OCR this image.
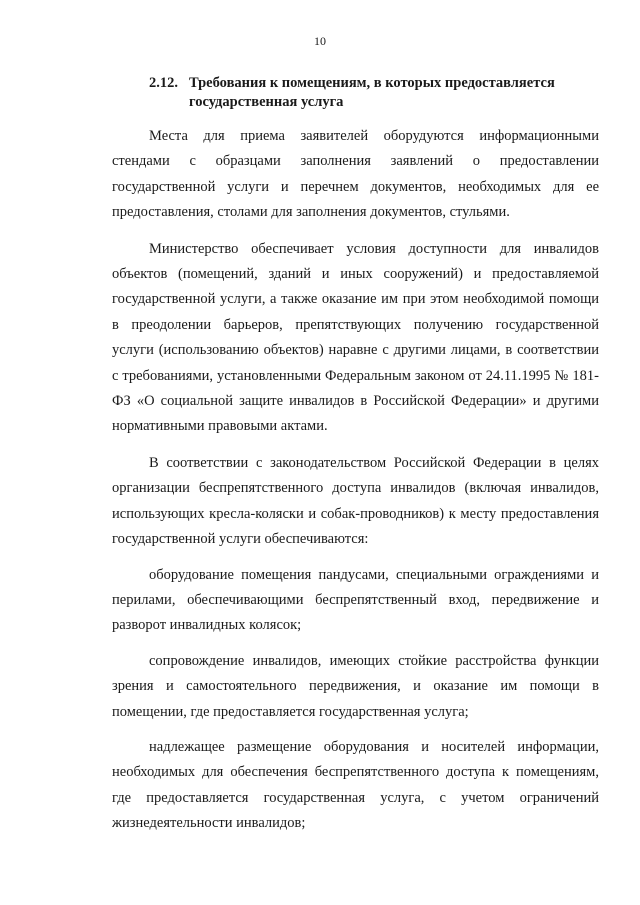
10
2.12. Требования к помещениям, в которых предоставляется
государственная услуга

Места для приема заявителей оборудуются информационными стендами с образцами заполнения заявлений о предоставлении государственной услуги и перечнем документов, необходимых для ее предоставления, столами для заполнения документов, стульями.

Министерство обеспечивает условия доступности для инвалидов объектов (помещений, зданий и иных сооружений) и предоставляемой государственной услуги, а также оказание им при этом необходимой помощи в преодолении барьеров, препятствующих получению государственной услуги (использованию объектов) наравне с другими лицами, в соответствии с требованиями, установленными Федеральным законом от 24.11.1995 № 181-ФЗ «О социальной защите инвалидов в Российской Федерации» и другими нормативными правовыми актами.

В соответствии с законодательством Российской Федерации в целях организации беспрепятственного доступа инвалидов (включая инвалидов, использующих кресла-коляски и собак-проводников) к месту предоставления государственной услуги обеспечиваются:

оборудование помещения пандусами, специальными ограждениями и перилами, обеспечивающими беспрепятственный вход, передвижение и разворот инвалидных колясок;

сопровождение инвалидов, имеющих стойкие расстройства функции зрения и самостоятельного передвижения, и оказание им помощи в помещении, где предоставляется государственная услуга;

надлежащее размещение оборудования и носителей информации, необходимых для обеспечения беспрепятственного доступа к помещениям, где предоставляется государственная услуга, с учетом ограничений жизнедеятельности инвалидов;
